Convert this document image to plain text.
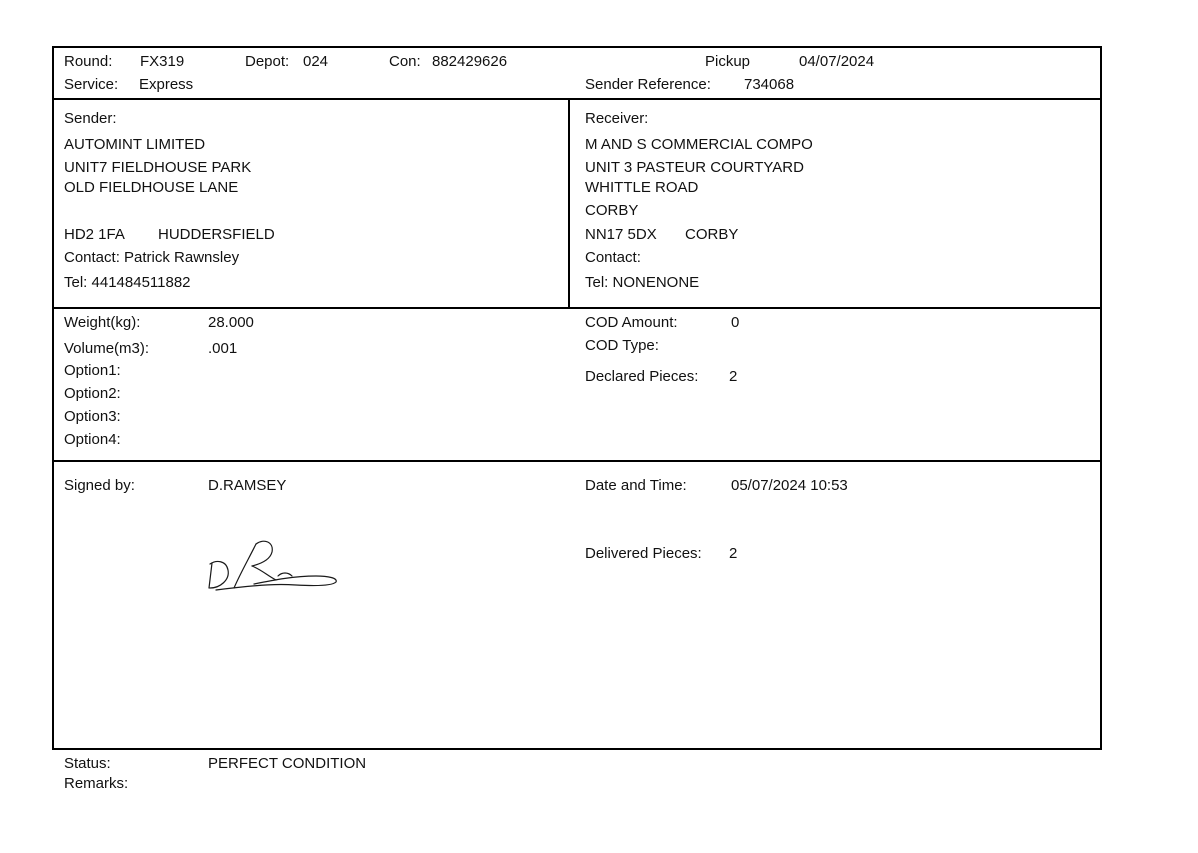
Round: FX319	Depot: 024	Con: 882429626	Pickup	04/07/2024
Service: Express	Sender Reference: 734068
Sender:
AUTOMINT LIMITED
UNIT7 FIELDHOUSE PARK
OLD FIELDHOUSE LANE
HD2 1FA HUDDERSFIELD
Contact: Patrick Rawnsley
Tel: 441484511882
Receiver:
M AND S COMMERCIAL COMPO
UNIT 3 PASTEUR COURTYARD
WHITTLE ROAD
CORBY
NN17 5DX CORBY
Contact:
Tel: NONENONE
Weight(kg):	28.000
Volume(m3):	.001
Option1:
Option2:
Option3:
Option4:
COD Amount:	0
COD Type:
Declared Pieces: 2
Signed by:	D.RAMSEY	Date and Time:	05/07/2024 10:53
Delivered Pieces: 2
Status:	PERFECT CONDITION
Remarks:
